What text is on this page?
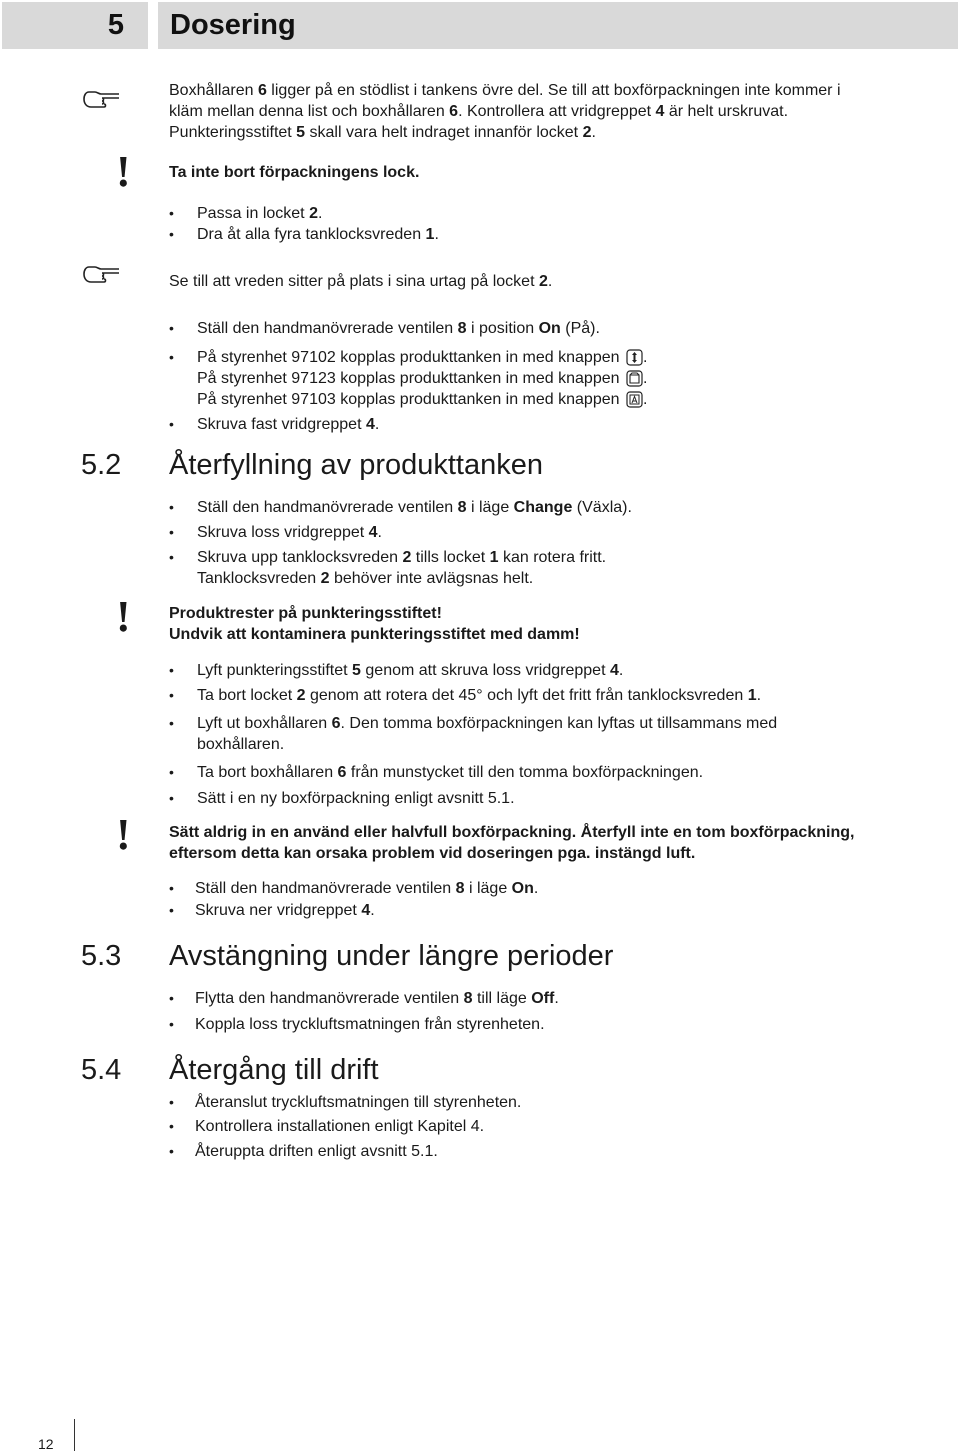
5	Dosering
Boxhållaren 6 ligger på en stödlist i tankens övre del. Se till att boxförpackningen inte kommer i
kläm mellan denna list och boxhållaren 6. Kontrollera att vridgreppet 4 är helt urskruvat.
Punkteringsstiftet 5 skall vara helt indraget innanför locket 2.
! Ta inte bort förpackningens lock.
• Passa in locket 2.
• Dra åt alla fyra tanklocksvreden 1.
Se till att vreden sitter på plats i sina urtag på locket 2.
• Ställ den handmanövrerade ventilen 8 i position On (På).
• På styrenhet 97102 kopplas produkttanken in med knappen .
På styrenhet 97123 kopplas produkttanken in med knappen .
På styrenhet 97103 kopplas produkttanken in med knappen .
• Skruva fast vridgreppet 4.
5.2 Återfyllning av produkttanken
• Ställ den handmanövrerade ventilen 8 i läge Change (Växla).
• Skruva loss vridgreppet 4.
• Skruva upp tanklocksvreden 2 tills locket 1 kan rotera fritt.
Tanklocksvreden 2 behöver inte avlägsnas helt.
! Produktrester på punkteringsstiftet!
Undvik att kontaminera punkteringsstiftet med damm!
• Lyft punkteringsstiftet 5 genom att skruva loss vridgreppet 4.
• Ta bort locket 2 genom att rotera det 45° och lyft det fritt från tanklocksvreden 1.
• Lyft ut boxhållaren 6. Den tomma boxförpackningen kan lyftas ut tillsammans med
boxhållaren.
• Ta bort boxhållaren 6 från munstycket till den tomma boxförpackningen.
• Sätt i en ny boxförpackning enligt avsnitt 5.1.
! Sätt aldrig in en använd eller halvfull boxförpackning. Återfyll inte en tom boxförpackning,
eftersom detta kan orsaka problem vid doseringen pga. instängd luft.
• Ställ den handmanövrerade ventilen 8 i läge On.
• Skruva ner vridgreppet 4.
5.3 Avstängning under längre perioder
• Flytta den handmanövrerade ventilen 8 till läge Off.
• Koppla loss tryckluftsmatningen från styrenheten.
5.4 Återgång till drift
• Återanslut tryckluftsmatningen till styrenheten.
• Kontrollera installationen enligt Kapitel 4.
• Återuppta driften enligt avsnitt 5.1.
12
